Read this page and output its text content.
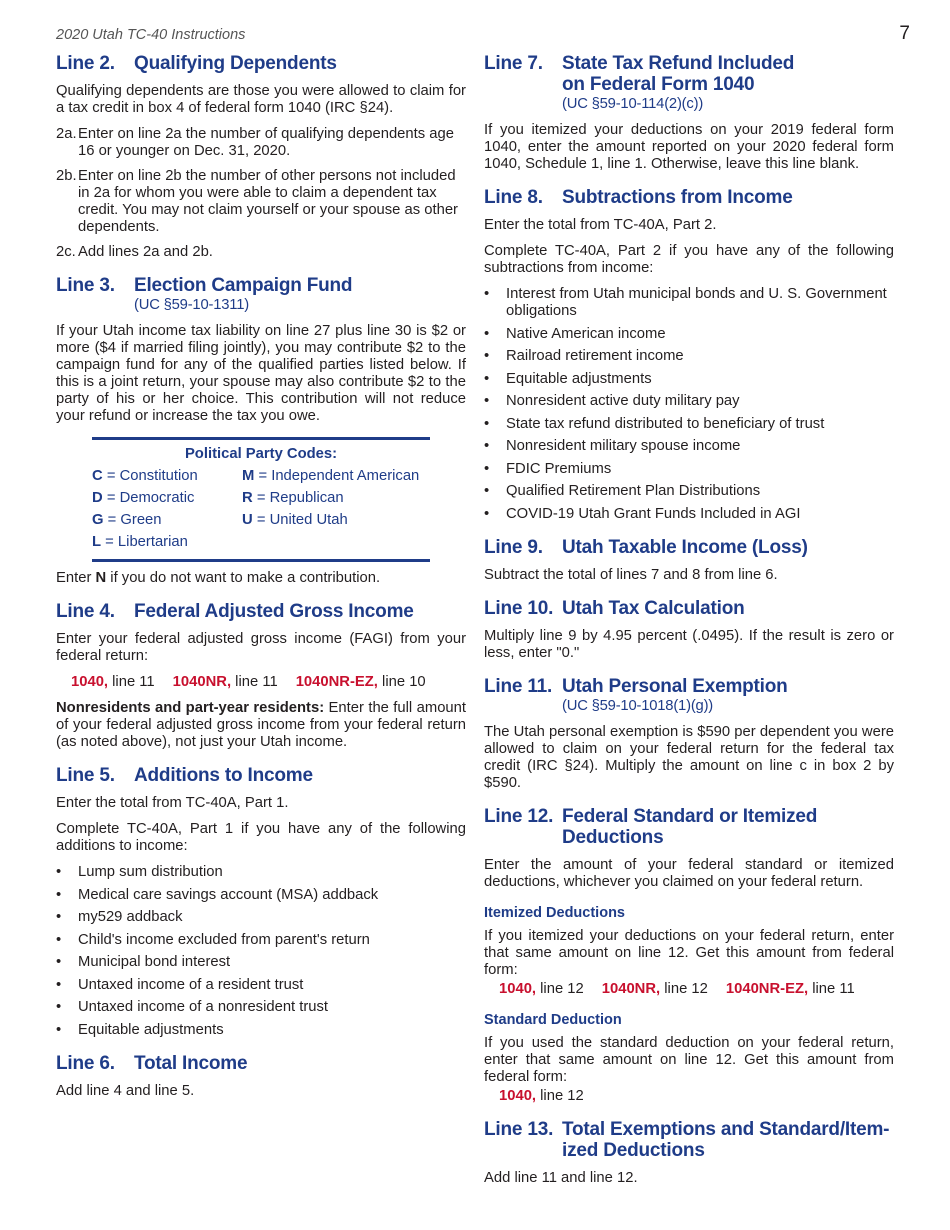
2020 Utah TC-40 Instructions	7
Line 2.	Qualifying Dependents

Qualifying dependents are those you were allowed to claim for a tax credit in box 4 of federal form 1040 (IRC §24).

2a. Enter on line 2a the number of qualifying dependents age 16 or younger on Dec. 31, 2020.
2b. Enter on line 2b the number of other persons not included in 2a for whom you were able to claim a dependent tax credit. You may not claim yourself or your spouse as other dependents.
2c. Add lines 2a and 2b.
Line 3.	Election Campaign Fund
(UC §59-10-1311)

If your Utah income tax liability on line 27 plus line 30 is $2 or more ($4 if married filing jointly), you may contribute $2 to the campaign fund for any of the qualified parties listed below. If this is a joint return, your spouse may also contribute $2 to the party of his or her choice. This contribution will not reduce your refund or increase the tax you owe.

Political Party Codes:
C = Constitution	M = Independent American
D = Democratic	R = Republican
G = Green	U = United Utah
L = Libertarian

Enter N if you do not want to make a contribution.

Line 4.	Federal Adjusted Gross Income

Enter your federal adjusted gross income (FAGI) from your federal return:

1040, line 11 1040NR, line 11 1040NR-EZ, line 10

Nonresidents and part-year residents: Enter the full amount of your federal adjusted gross income from your federal return (as noted above), not just your Utah income.

Line 5.	Additions to Income

Enter the total from TC-40A, Part 1.

Complete TC-40A, Part 1 if you have any of the following additions to income:

• Lump sum distribution
• Medical care savings account (MSA) addback
• my529 addback
• Child's income excluded from parent's return
• Municipal bond interest
• Untaxed income of a resident trust
• Untaxed income of a nonresident trust
• Equitable adjustments
Line 6.	Total Income

Add line 4 and line 5.

Line 7.	State Tax Refund Included
on Federal Form 1040
(UC §59-10-114(2)(c))

If you itemized your deductions on your 2019 federal form 1040, enter the amount reported on your 2020 federal form 1040, Schedule 1, line 1. Otherwise, leave this line blank.

Line 8.	Subtractions from Income

Enter the total from TC-40A, Part 2.

Complete TC-40A, Part 2 if you have any of the following subtractions from income:

• Interest from Utah municipal bonds and U. S. Government obligations
• Native American income
• Railroad retirement income
• Equitable adjustments
• Nonresident active duty military pay
• State tax refund distributed to beneficiary of trust
• Nonresident military spouse income
• FDIC Premiums
• Qualified Retirement Plan Distributions
• COVID-19 Utah Grant Funds Included in AGI
Line 9.	Utah Taxable Income (Loss)

Subtract the total of lines 7 and 8 from line 6.

Line 10. Utah Tax Calculation

Multiply line 9 by 4.95 percent (.0495). If the result is zero or less, enter "0."

Line 11. Utah Personal Exemption
(UC §59-10-1018(1)(g))

The Utah personal exemption is $590 per dependent you were allowed to claim on your federal return for the federal tax credit (IRC §24). Multiply the amount on line c in box 2 by $590.

Line 12. Federal Standard or Itemized
Deductions

Enter the amount of your federal standard or itemized deductions, whichever you claimed on your federal return.

Itemized Deductions

If you itemized your deductions on your federal return, enter that same amount on line 12. Get this amount from federal form:

1040, line 12 1040NR, line 12 1040NR-EZ, line 11
Standard Deduction

If you used the standard deduction on your federal return, enter that same amount on line 12. Get this amount from federal form:

1040, line 12
Line 13. Total Exemptions and Standard/Item-
ized Deductions

Add line 11 and line 12.
